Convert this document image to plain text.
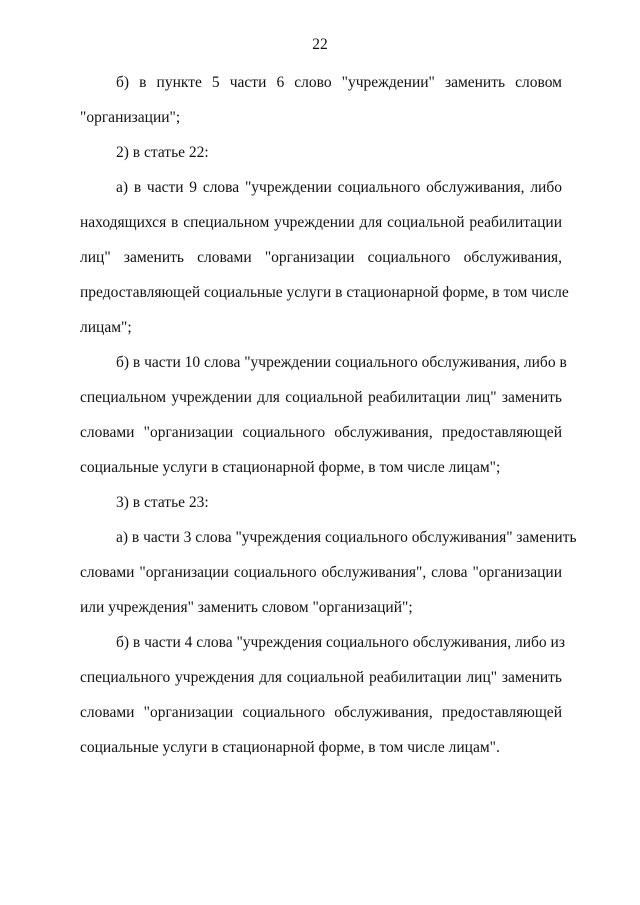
22
б) в пункте 5 части 6 слово "учреждении" заменить словом
"организации";
2) в статье 22:
а) в части 9 слова "учреждении социального обслуживания, либо
находящихся в специальном учреждении для социальной реабилитации
лиц" заменить словами "организации социального обслуживания,
предоставляющей социальные услуги в стационарной форме, в том числе
лицам";
б) в части 10 слова "учреждении социального обслуживания, либо в
специальном учреждении для социальной реабилитации лиц" заменить
словами "организации социального обслуживания, предоставляющей
социальные услуги в стационарной форме, в том числе лицам";
3) в статье 23:
а) в части 3 слова "учреждения социального обслуживания" заменить
словами "организации социального обслуживания", слова "организации
или учреждения" заменить словом "организаций";
б) в части 4 слова "учреждения социального обслуживания, либо из
специального учреждения для социальной реабилитации лиц" заменить
словами "организации социального обслуживания, предоставляющей
социальные услуги в стационарной форме, в том числе лицам".
